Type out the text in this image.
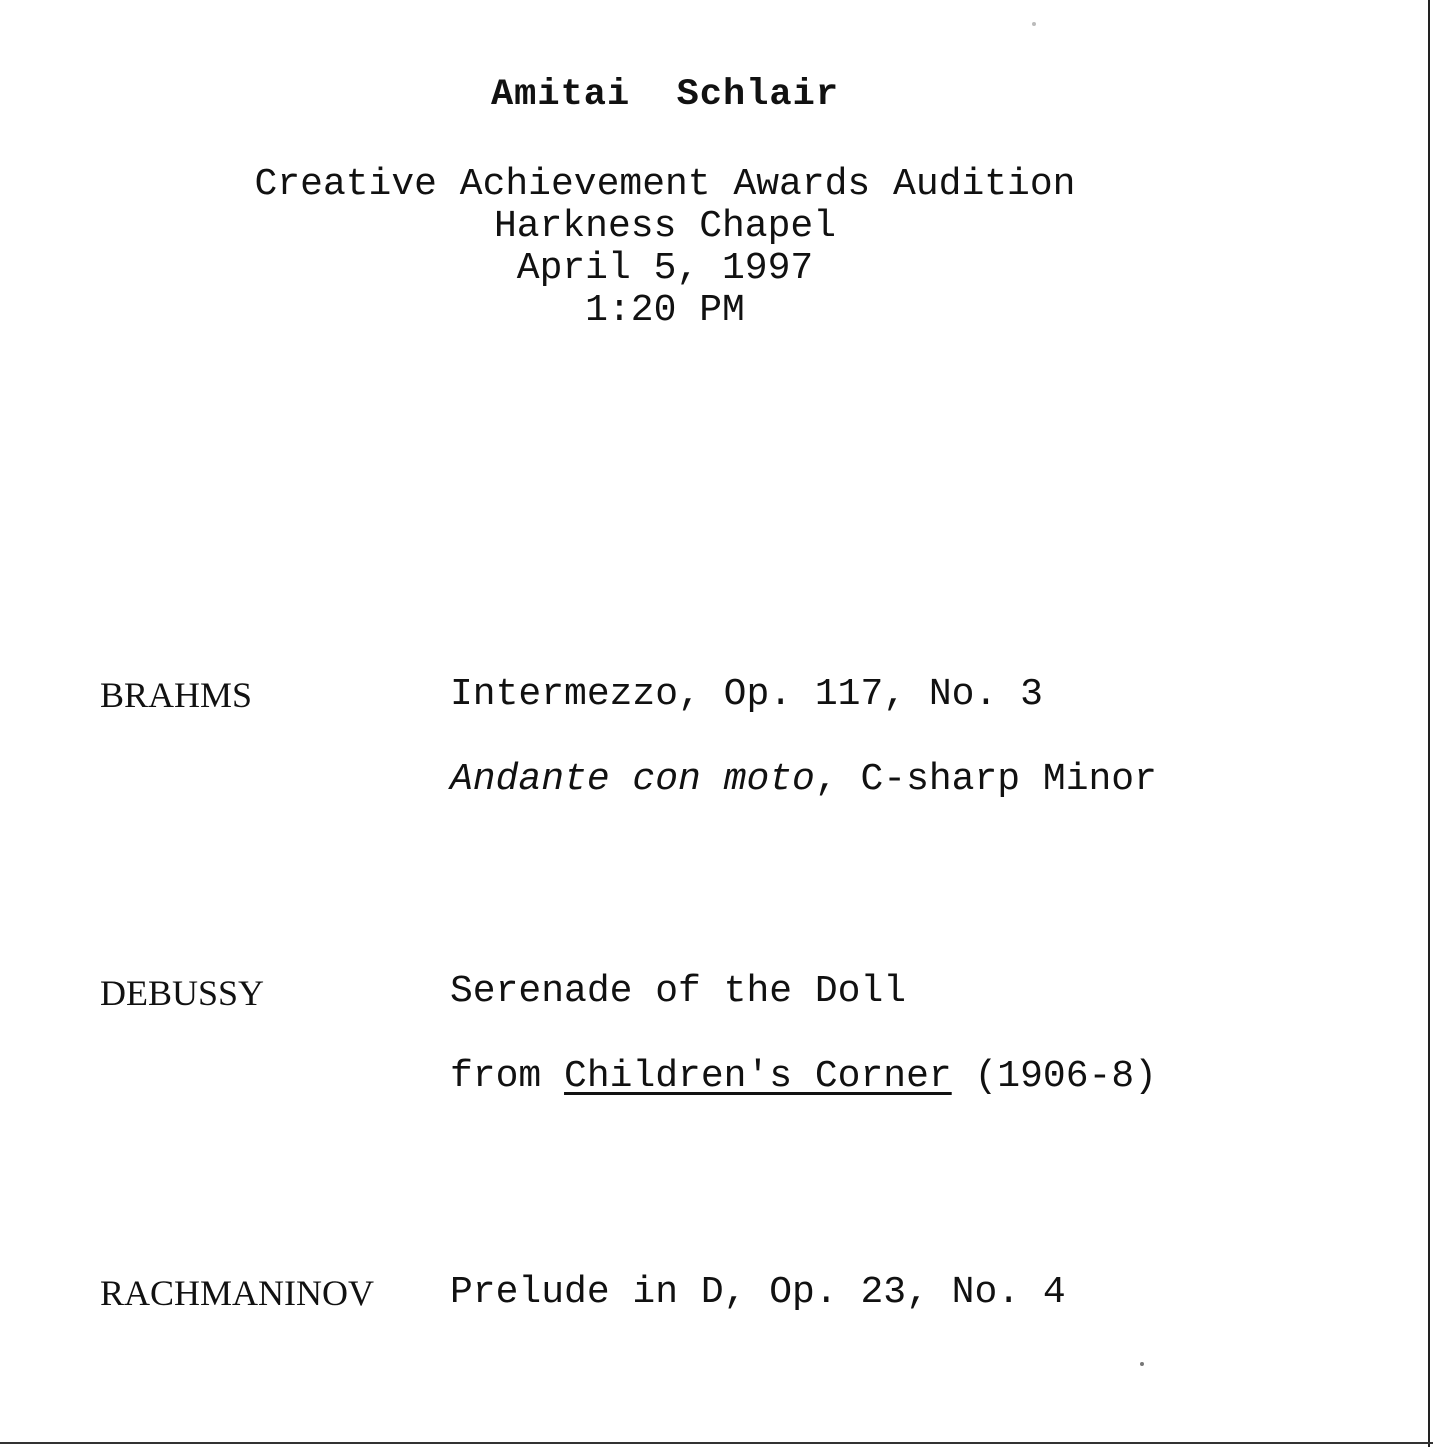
Amitai  Schlair
Creative Achievement Awards Audition
Harkness Chapel
April 5, 1997
1:20 PM
BRAHMS	Intermezzo, Op. 117, No. 3
Andante con moto, C-sharp Minor
DEBUSSY	Serenade of the Doll
from Children's Corner (1906-8)
RACHMANINOV Prelude in D, Op. 23, No. 4
